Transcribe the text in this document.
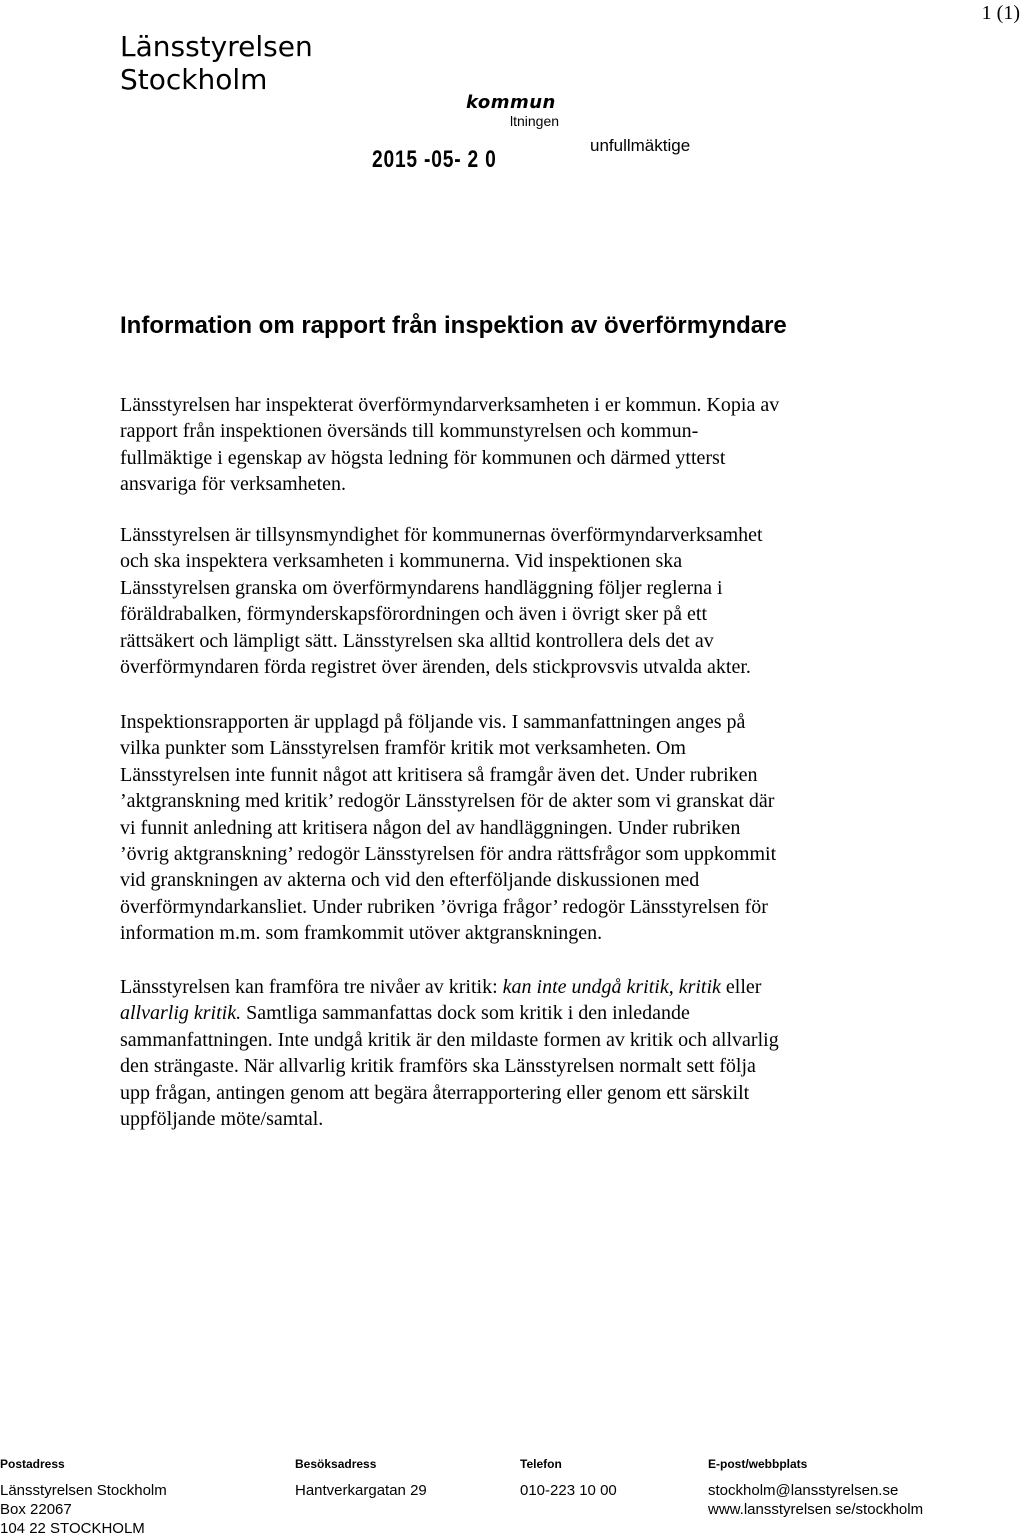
1 (1)
Länsstyrelsen
Stockholm
kommun
ltningen
2015 -05- 2 0
unfullmäktige
Information om rapport från inspektion av överförmyndare

Länsstyrelsen har inspekterat överförmyndarverksamheten i er kommun. Kopia av

rapport från inspektionen översänds till kommunstyrelsen och kommun-

fullmäktige i egenskap av högsta ledning för kommunen och därmed ytterst

ansvariga för verksamheten.

Länsstyrelsen är tillsynsmyndighet för kommunernas överförmyndarverksamhet

och ska inspektera verksamheten i kommunerna. Vid inspektionen ska

Länsstyrelsen granska om överförmyndarens handläggning följer reglerna i

föräldrabalken, förmynderskapsförordningen och även i övrigt sker på ett

rättsäkert och lämpligt sätt. Länsstyrelsen ska alltid kontrollera dels det av

överförmyndaren förda registret över ärenden, dels stickprovsvis utvalda akter.

Inspektionsrapporten är upplagd på följande vis. I sammanfattningen anges på

vilka punkter som Länsstyrelsen framför kritik mot verksamheten. Om

Länsstyrelsen inte funnit något att kritisera så framgår även det. Under rubriken

’aktgranskning med kritik’ redogör Länsstyrelsen för de akter som vi granskat där

vi funnit anledning att kritisera någon del av handläggningen. Under rubriken

’övrig aktgranskning’ redogör Länsstyrelsen för andra rättsfrågor som uppkommit

vid granskningen av akterna och vid den efterföljande diskussionen med

överförmyndarkansliet. Under rubriken ’övriga frågor’ redogör Länsstyrelsen för

information m.m. som framkommit utöver aktgranskningen.

Länsstyrelsen kan framföra tre nivåer av kritik: kan inte undgå kritik, kritik eller

allvarlig kritik. Samtliga sammanfattas dock som kritik i den inledande

sammanfattningen. Inte undgå kritik är den mildaste formen av kritik och allvarlig

den strängaste. När allvarlig kritik framförs ska Länsstyrelsen normalt sett följa

upp frågan, antingen genom att begära återrapportering eller genom ett särskilt

uppföljande möte/samtal.

Postadress
Länsstyrelsen Stockholm
Box 22067
104 22 STOCKHOLM
Besöksadress
Hantverkargatan 29
Telefon
010-223 10 00
E-post/webbplats
stockholm@lansstyrelsen.se
www.lansstyrelsen se/stockholm
